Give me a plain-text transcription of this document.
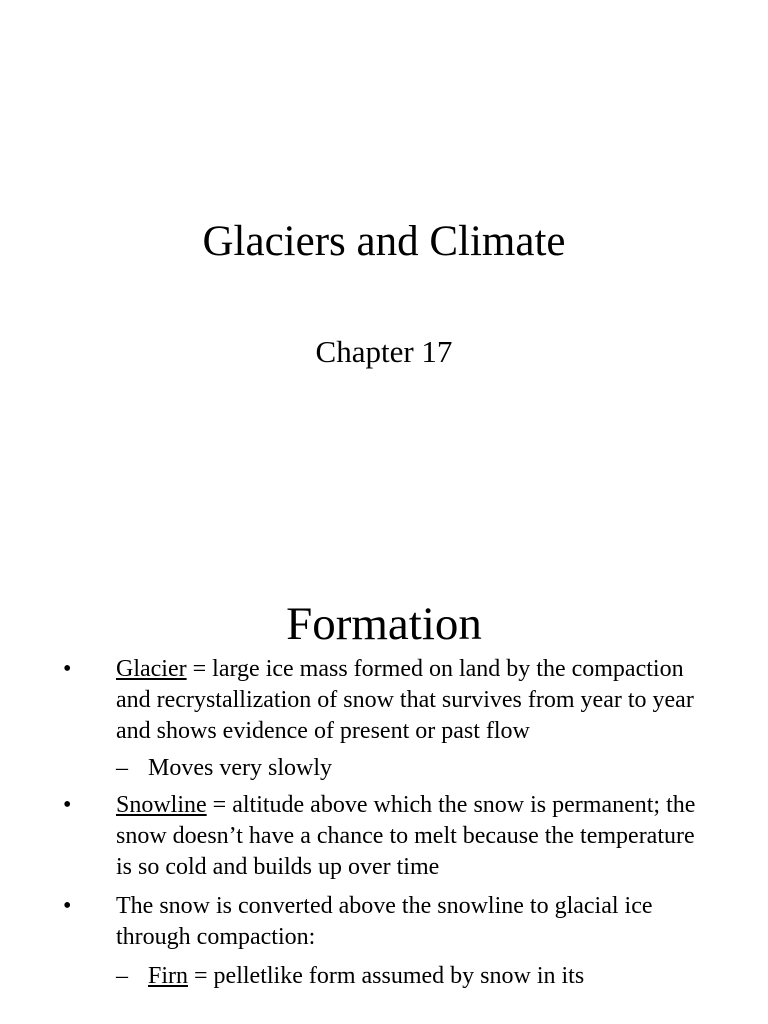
Glaciers and Climate
Chapter 17
Formation
• Glacier = large ice mass formed on land by the compaction and recrystallization of snow that survives from year to year and shows evidence of present or past flow
– Moves very slowly
• Snowline = altitude above which the snow is permanent; the snow doesn’t have a chance to melt because the temperature is so cold and builds up over time
• The snow is converted above the snowline to glacial ice through compaction:
– Firn = pelletlike form assumed by snow in its
